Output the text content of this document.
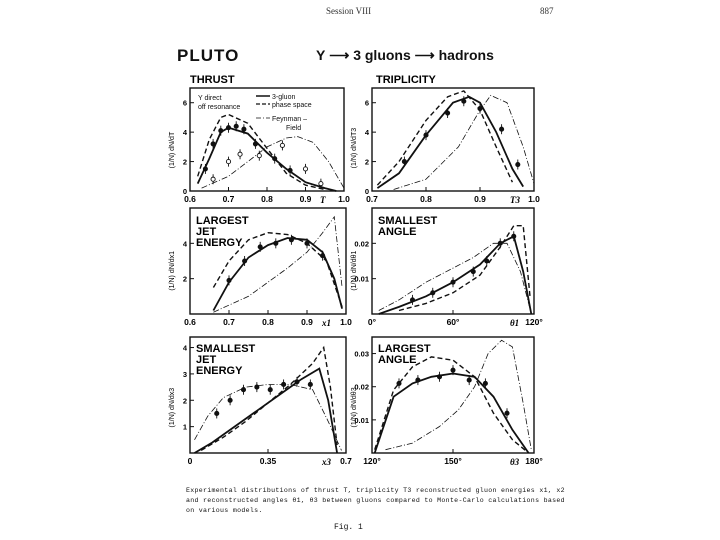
Session VIII	887
PLUTO	Υ ⟶ 3 gluons ⟶ hadrons
0.6	0.7	0.8	0.9	1.0
0
2
4
6
T
(1/N) dN/dT
THRUST
0.7	0.8	0.9	1.0
0
2
4
6
T3
(1/N) dN/dT3
TRIPLICITY
0.6	0.7	0.8	0.9	1.0
2
4
x1
(1/N) dN/dx1
LARGEST
JET
ENERGY
0°	60°	120°
0.01
0.02
θ1
(1/N) dN/dθ1
SMALLEST
ANGLE
0	0.35	0.7
1
2
3
4
x3
(1/N) dN/dx3
SMALLEST
JET
ENERGY
120°	150°	180°
0.01
0.02
0.03
θ3
(1/N) dN/dθ3
LARGEST
ANGLE
Υ direct
off resonance
3-gluon
phase space
Feynman –
Field
Experimental distributions of thrust T, triplicity T3 reconstructed gluon energies x1, x2 and reconstructed angles θ1, θ3 between gluons compared to Monte-Carlo calculations based on various models.
Fig. 1
